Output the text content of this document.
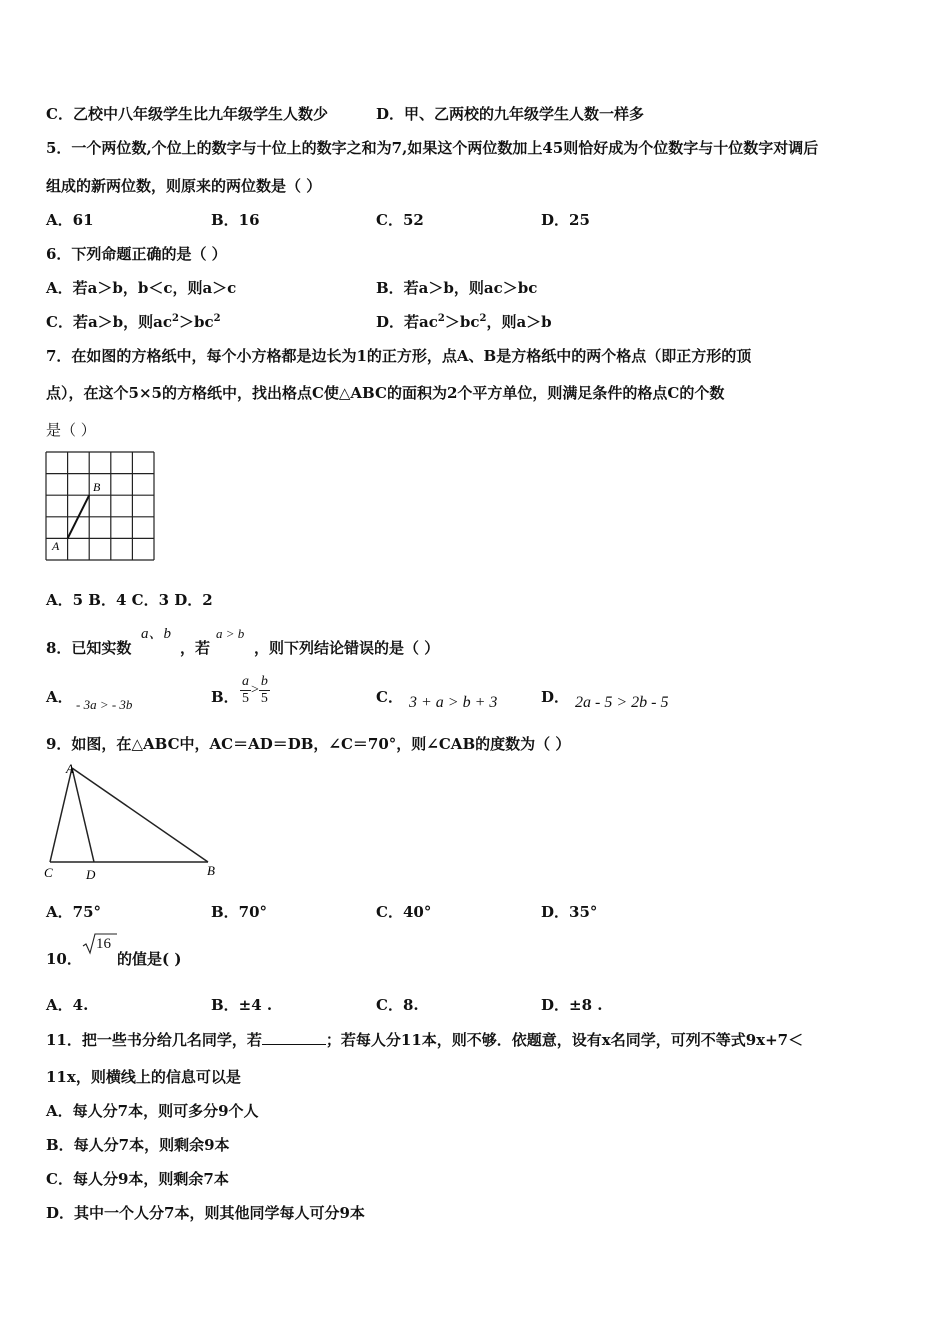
C．乙校中八年级学生比九年级学生人数少	D．甲、乙两校的九年级学生人数一样多
5．一个两位数,个位上的数字与十位上的数字之和为7,如果这个两位数加上45则恰好成为个位数字与十位数字对调后
组成的新两位数，则原来的两位数是（ ）
A．61	B．16	C．52	D．25
6．下列命题正确的是（ ）
A．若a＞b，b＜c，则a＞c	B．若a＞b，则ac＞bc
C．若a＞b，则$ac^2>bc^2$	D．若$ac^2>bc^2$，则a＞b
7．在如图的方格纸中，每个小方格都是边长为1的正方形，点A、B是方格纸中的两个格点（即正方形的顶
点），在这个5×5的方格纸中，找出格点C使△ABC的面积为2个平方单位，则满足条件的格点C的个数
是（ ）
B
A
A．5 B．4 C．3 D．2
8．已知实数
a、b
，若
a > b
，则下列结论错误的是（ ）
A． - 3a > - 3b	B． $\frac{a}{5} > \frac{b}{5}$	C． 3 + a > b + 3	D． 2a - 5 > 2b - 5
9．如图，在△ABC中，AC＝AD＝DB，∠C＝70°，则∠CAB的度数为（ ）
A
C	D	B
A．75°	B．70°	C．40°	D．35°
10．
16
的值是( )
A．4.	B．±4 .	C．8.	D．±8 .
11．把一些书分给几名同学，若	；若每人分11本，则不够．依题意，设有x名同学，可列不等式9x+7＜
11x，则横线上的信息可以是
A．每人分7本，则可多分9个人
B．每人分7本，则剩余9本
C．每人分9本，则剩余7本
D．其中一个人分7本，则其他同学每人可分9本
